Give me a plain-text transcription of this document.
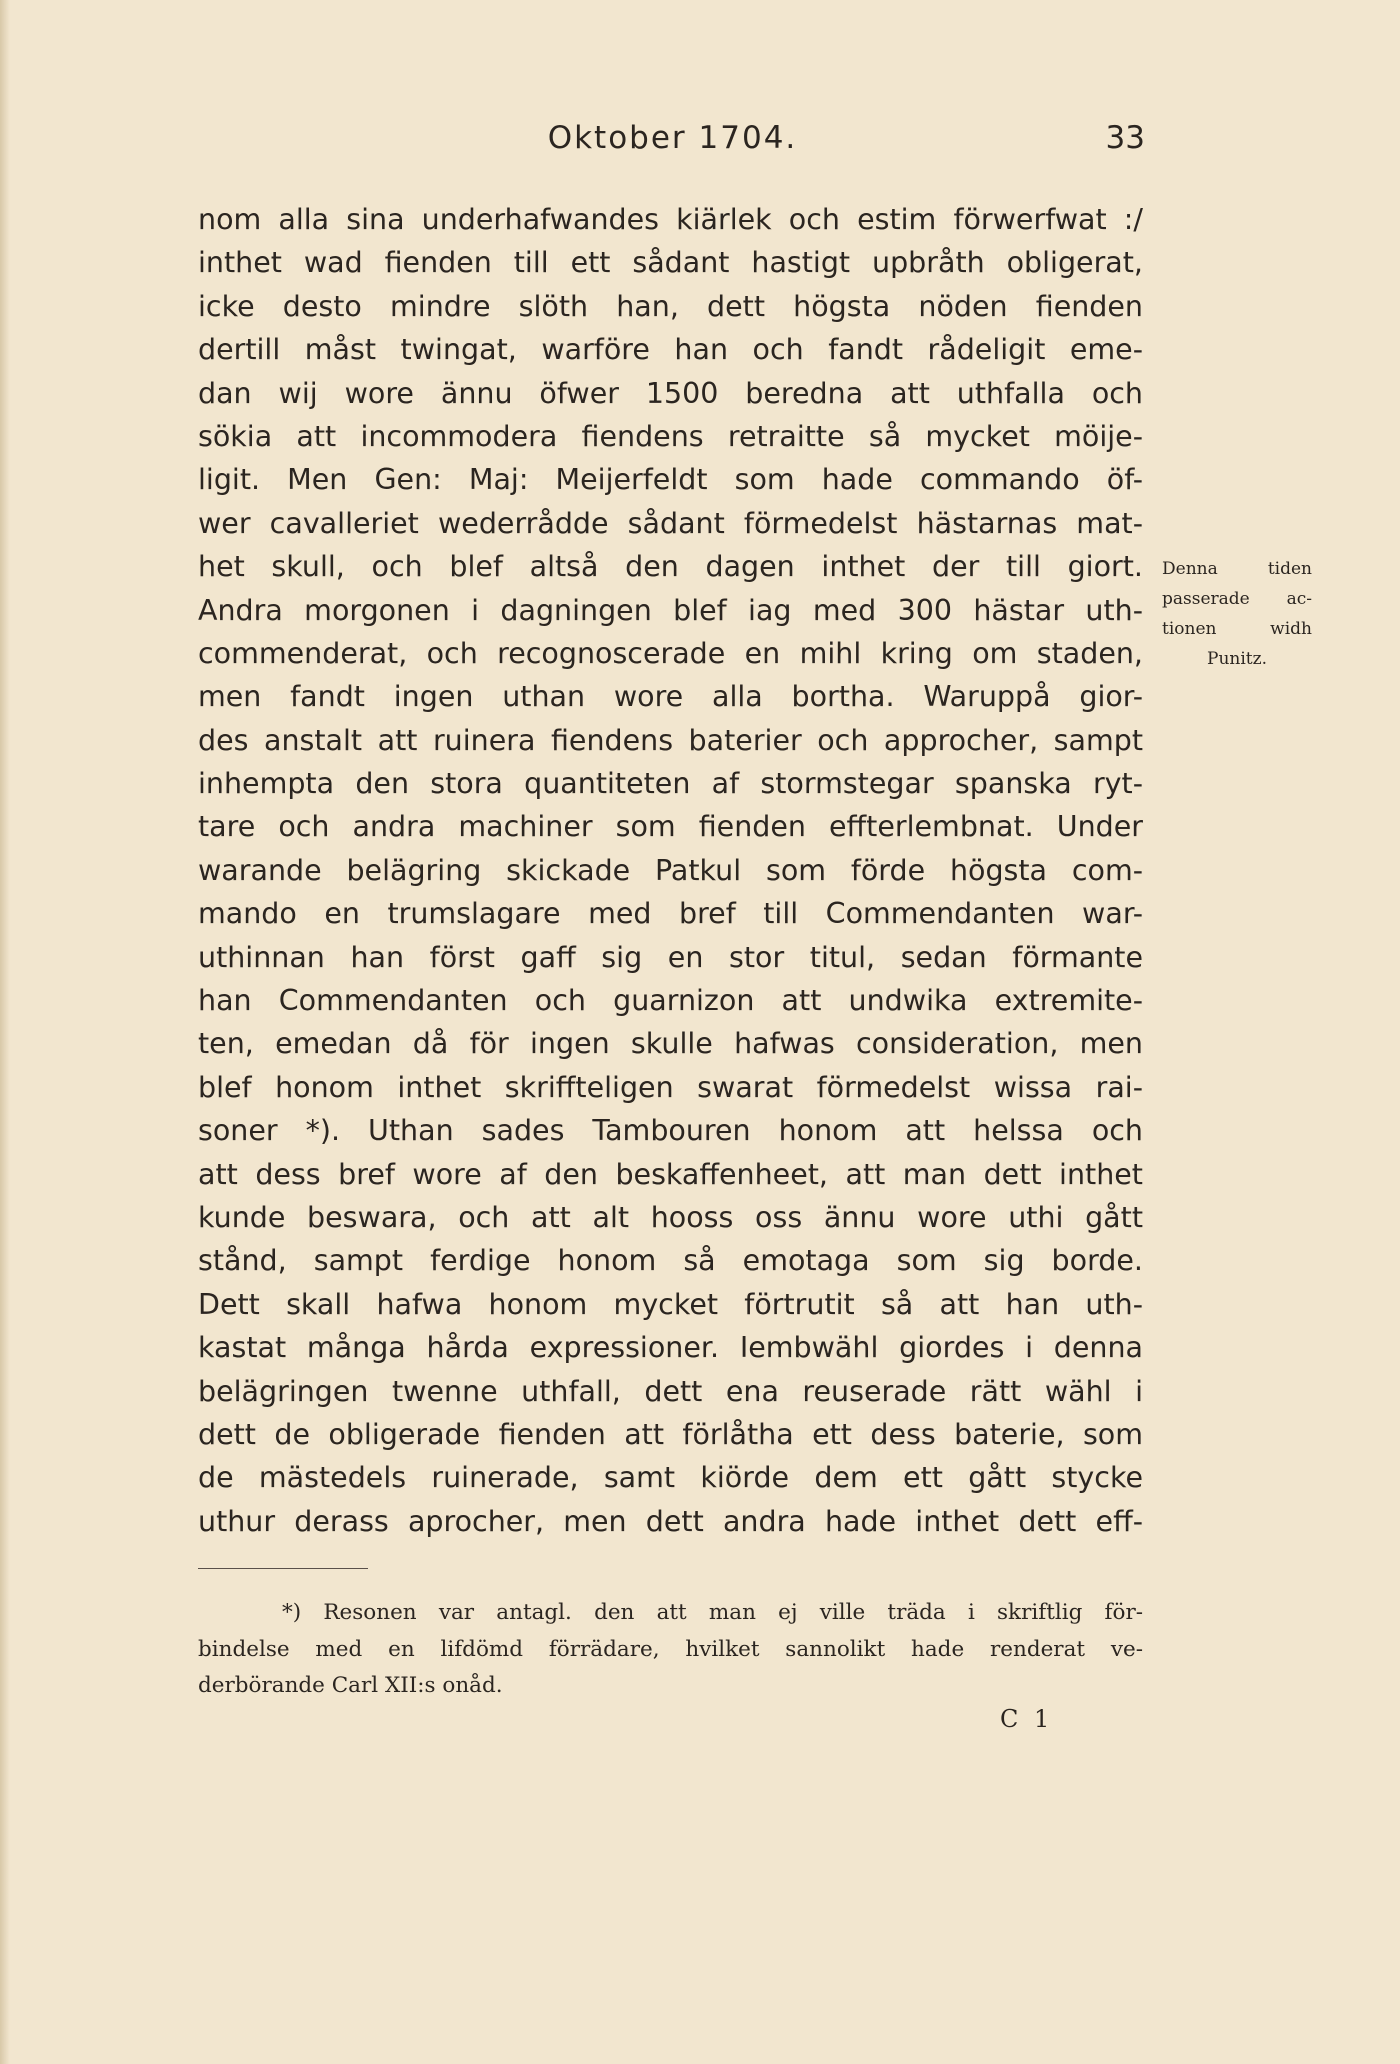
Oktober 1704.	33
nom alla sina underhafwandes kiärlek och estim förwerfwat :/
inthet wad fienden till ett sådant hastigt upbråth obligerat,
icke desto mindre slöth han, dett högsta nöden fienden
dertill måst twingat, warföre han och fandt rådeligit eme-
dan wij wore ännu öfwer 1500 beredna att uthfalla och
sökia att incommodera fiendens retraitte så mycket möije-
ligit. Men Gen: Maj: Meijerfeldt som hade commando öf-
wer cavalleriet wederrådde sådant förmedelst hästarnas mat-
het skull, och blef altså den dagen inthet der till giort.
Andra morgonen i dagningen blef iag med 300 hästar uth-
commenderat, och recognoscerade en mihl kring om staden,
men fandt ingen uthan wore alla bortha. Waruppå gior-
des anstalt att ruinera fiendens baterier och approcher, sampt
inhempta den stora quantiteten af stormstegar spanska ryt-
tare och andra machiner som fienden effterlembnat. Under
warande belägring skickade Patkul som förde högsta com-
mando en trumslagare med bref till Commendanten war-
uthinnan han först gaff sig en stor titul, sedan förmante
han Commendanten och guarnizon att undwika extremite-
ten, emedan då för ingen skulle hafwas consideration, men
blef honom inthet skriffteligen swarat förmedelst wissa rai-
soner *). Uthan sades Tambouren honom att helssa och
att dess bref wore af den beskaffenheet, att man dett inthet
kunde beswara, och att alt hooss oss ännu wore uthi gått
stånd, sampt ferdige honom så emotaga som sig borde.
Dett skall hafwa honom mycket förtrutit så att han uth-
kastat många hårda expressioner. Iembwähl giordes i denna
belägringen twenne uthfall, dett ena reuserade rätt wähl i
dett de obligerade fienden att förlåtha ett dess baterie, som
de mästedels ruinerade, samt kiörde dem ett gått stycke
uthur derass aprocher, men dett andra hade inthet dett eff-
Denna tiden
passerade ac-
tionen widh
Punitz.
*) Resonen var antagl. den att man ej ville träda i skriftlig för-
bindelse med en lifdömd förrädare, hvilket sannolikt hade renderat ve-
derbörande Carl XII:s onåd.
C 1
